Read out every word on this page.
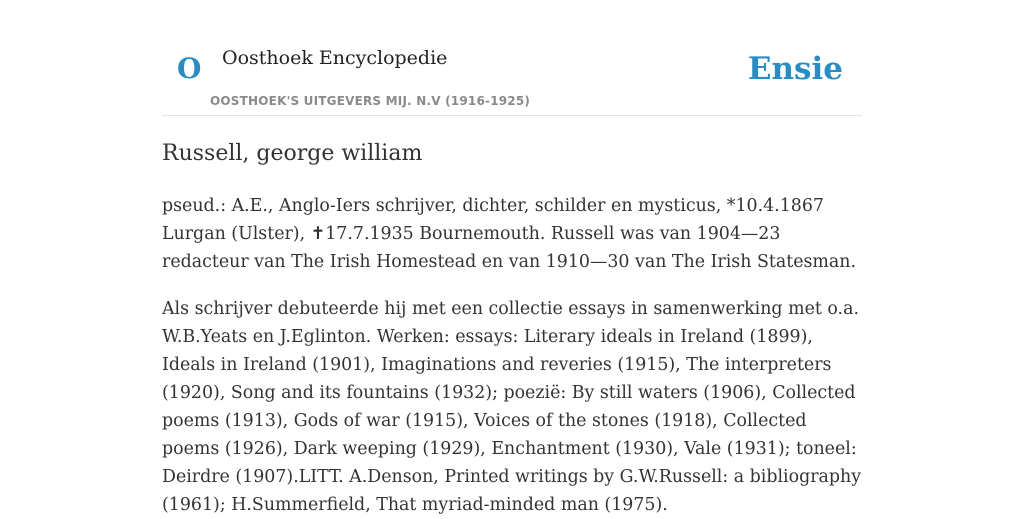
O Oosthoek Encyclopedie
OOSTHOEK'S UITGEVERS MIJ. N.V (1916-1925)
Ensie
Russell, george william

pseud.: A.E., Anglo-Iers schrijver, dichter, schilder en mysticus, *10.4.1867 Lurgan (Ulster), ✝17.7.1935 Bournemouth. Russell was van 1904—23 redacteur van The Irish Homestead en van 1910—30 van The Irish Statesman.

Als schrijver debuteerde hij met een collectie essays in samenwerking met o.a. W.B.Yeats en J.Eglinton. Werken: essays: Literary ideals in Ireland (1899), Ideals in Ireland (1901), Imaginations and reveries (1915), The interpreters (1920), Song and its fountains (1932); poezië: By still waters (1906), Collected poems (1913), Gods of war (1915), Voices of the stones (1918), Collected poems (1926), Dark weeping (1929), Enchantment (1930), Vale (1931); toneel: Deirdre (1907).LITT. A.Denson, Printed writings by G.W.Russell: a bibliography (1961); H.Summerfield, That myriad-minded man (1975).
